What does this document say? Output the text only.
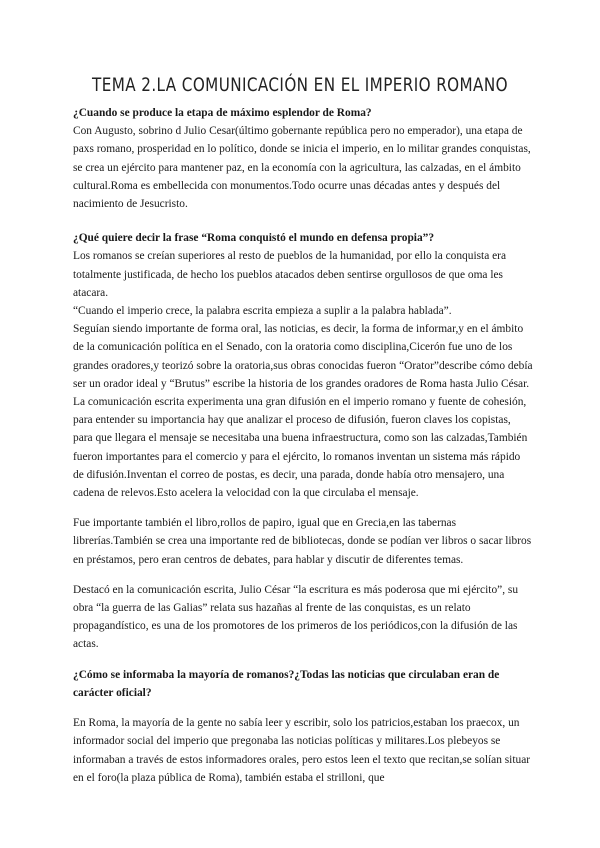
TEMA 2.LA COMUNICACIÓN EN EL IMPERIO ROMANO

¿Cuando se produce la etapa de máximo esplendor de Roma?

Con Augusto, sobrino d Julio Cesar(último gobernante república pero no emperador), una etapa de paxs romano, prosperidad en lo político, donde se inicia el imperio, en lo militar grandes conquistas, se crea un ejército para mantener paz, en la economía con la agricultura, las calzadas, en el ámbito cultural.Roma es embellecida con monumentos.Todo ocurre unas décadas antes y después del nacimiento de Jesucristo.

¿Qué quiere decir la frase “Roma conquistó el mundo en defensa propia”?

Los romanos se creían superiores al resto de pueblos de la humanidad, por ello la conquista era totalmente justificada, de hecho los pueblos atacados deben sentirse orgullosos de que oma les atacara.

“Cuando el imperio crece, la palabra escrita empieza a suplir a la palabra hablada”.

Seguían siendo importante de forma oral, las noticias, es decir, la forma de informar,y en el ámbito de la comunicación política en el Senado, con la oratoria como disciplina,Cicerón fue uno de los grandes oradores,y teorizó sobre la oratoria,sus obras conocidas fueron “Orator”describe cómo debía ser un orador ideal y “Brutus” escribe la historia de los grandes oradores de Roma hasta Julio César.

La comunicación escrita experimenta una gran difusión en el imperio romano y fuente de cohesión, para entender su importancia hay que analizar el proceso de difusión, fueron claves los copistas, para que llegara el mensaje se necesitaba una buena infraestructura, como son las calzadas,También fueron importantes para el comercio y para el ejército, lo romanos inventan un sistema más rápido de difusión.Inventan el correo de postas, es decir, una parada, donde había otro mensajero, una cadena de relevos.Esto acelera la velocidad con la que circulaba el mensaje.

Fue importante también el libro,rollos de papiro, igual que en Grecia,en las tabernas librerías.También se crea una importante red de bibliotecas, donde se podían ver libros o sacar libros en préstamos, pero eran centros de debates, para hablar y discutir de diferentes temas.

Destacó en la comunicación escrita, Julio César “la escritura es más poderosa que mi ejército”, su obra “la guerra de las Galias” relata sus hazañas al frente de las conquistas, es un relato propagandístico, es una de los promotores de los primeros de los periódicos,con la difusión de las actas.

¿Cómo se informaba la mayoría de romanos?¿Todas las noticias que circulaban eran de carácter oficial?

En Roma, la mayoría de la gente no sabía leer y escribir, solo los patricios,estaban los praecox, un informador social del imperio que pregonaba las noticias políticas y militares.Los plebeyos se informaban a través de estos informadores orales, pero estos leen el texto que recitan,se solían situar en el foro(la plaza pública de Roma), también estaba el strilloni, que
